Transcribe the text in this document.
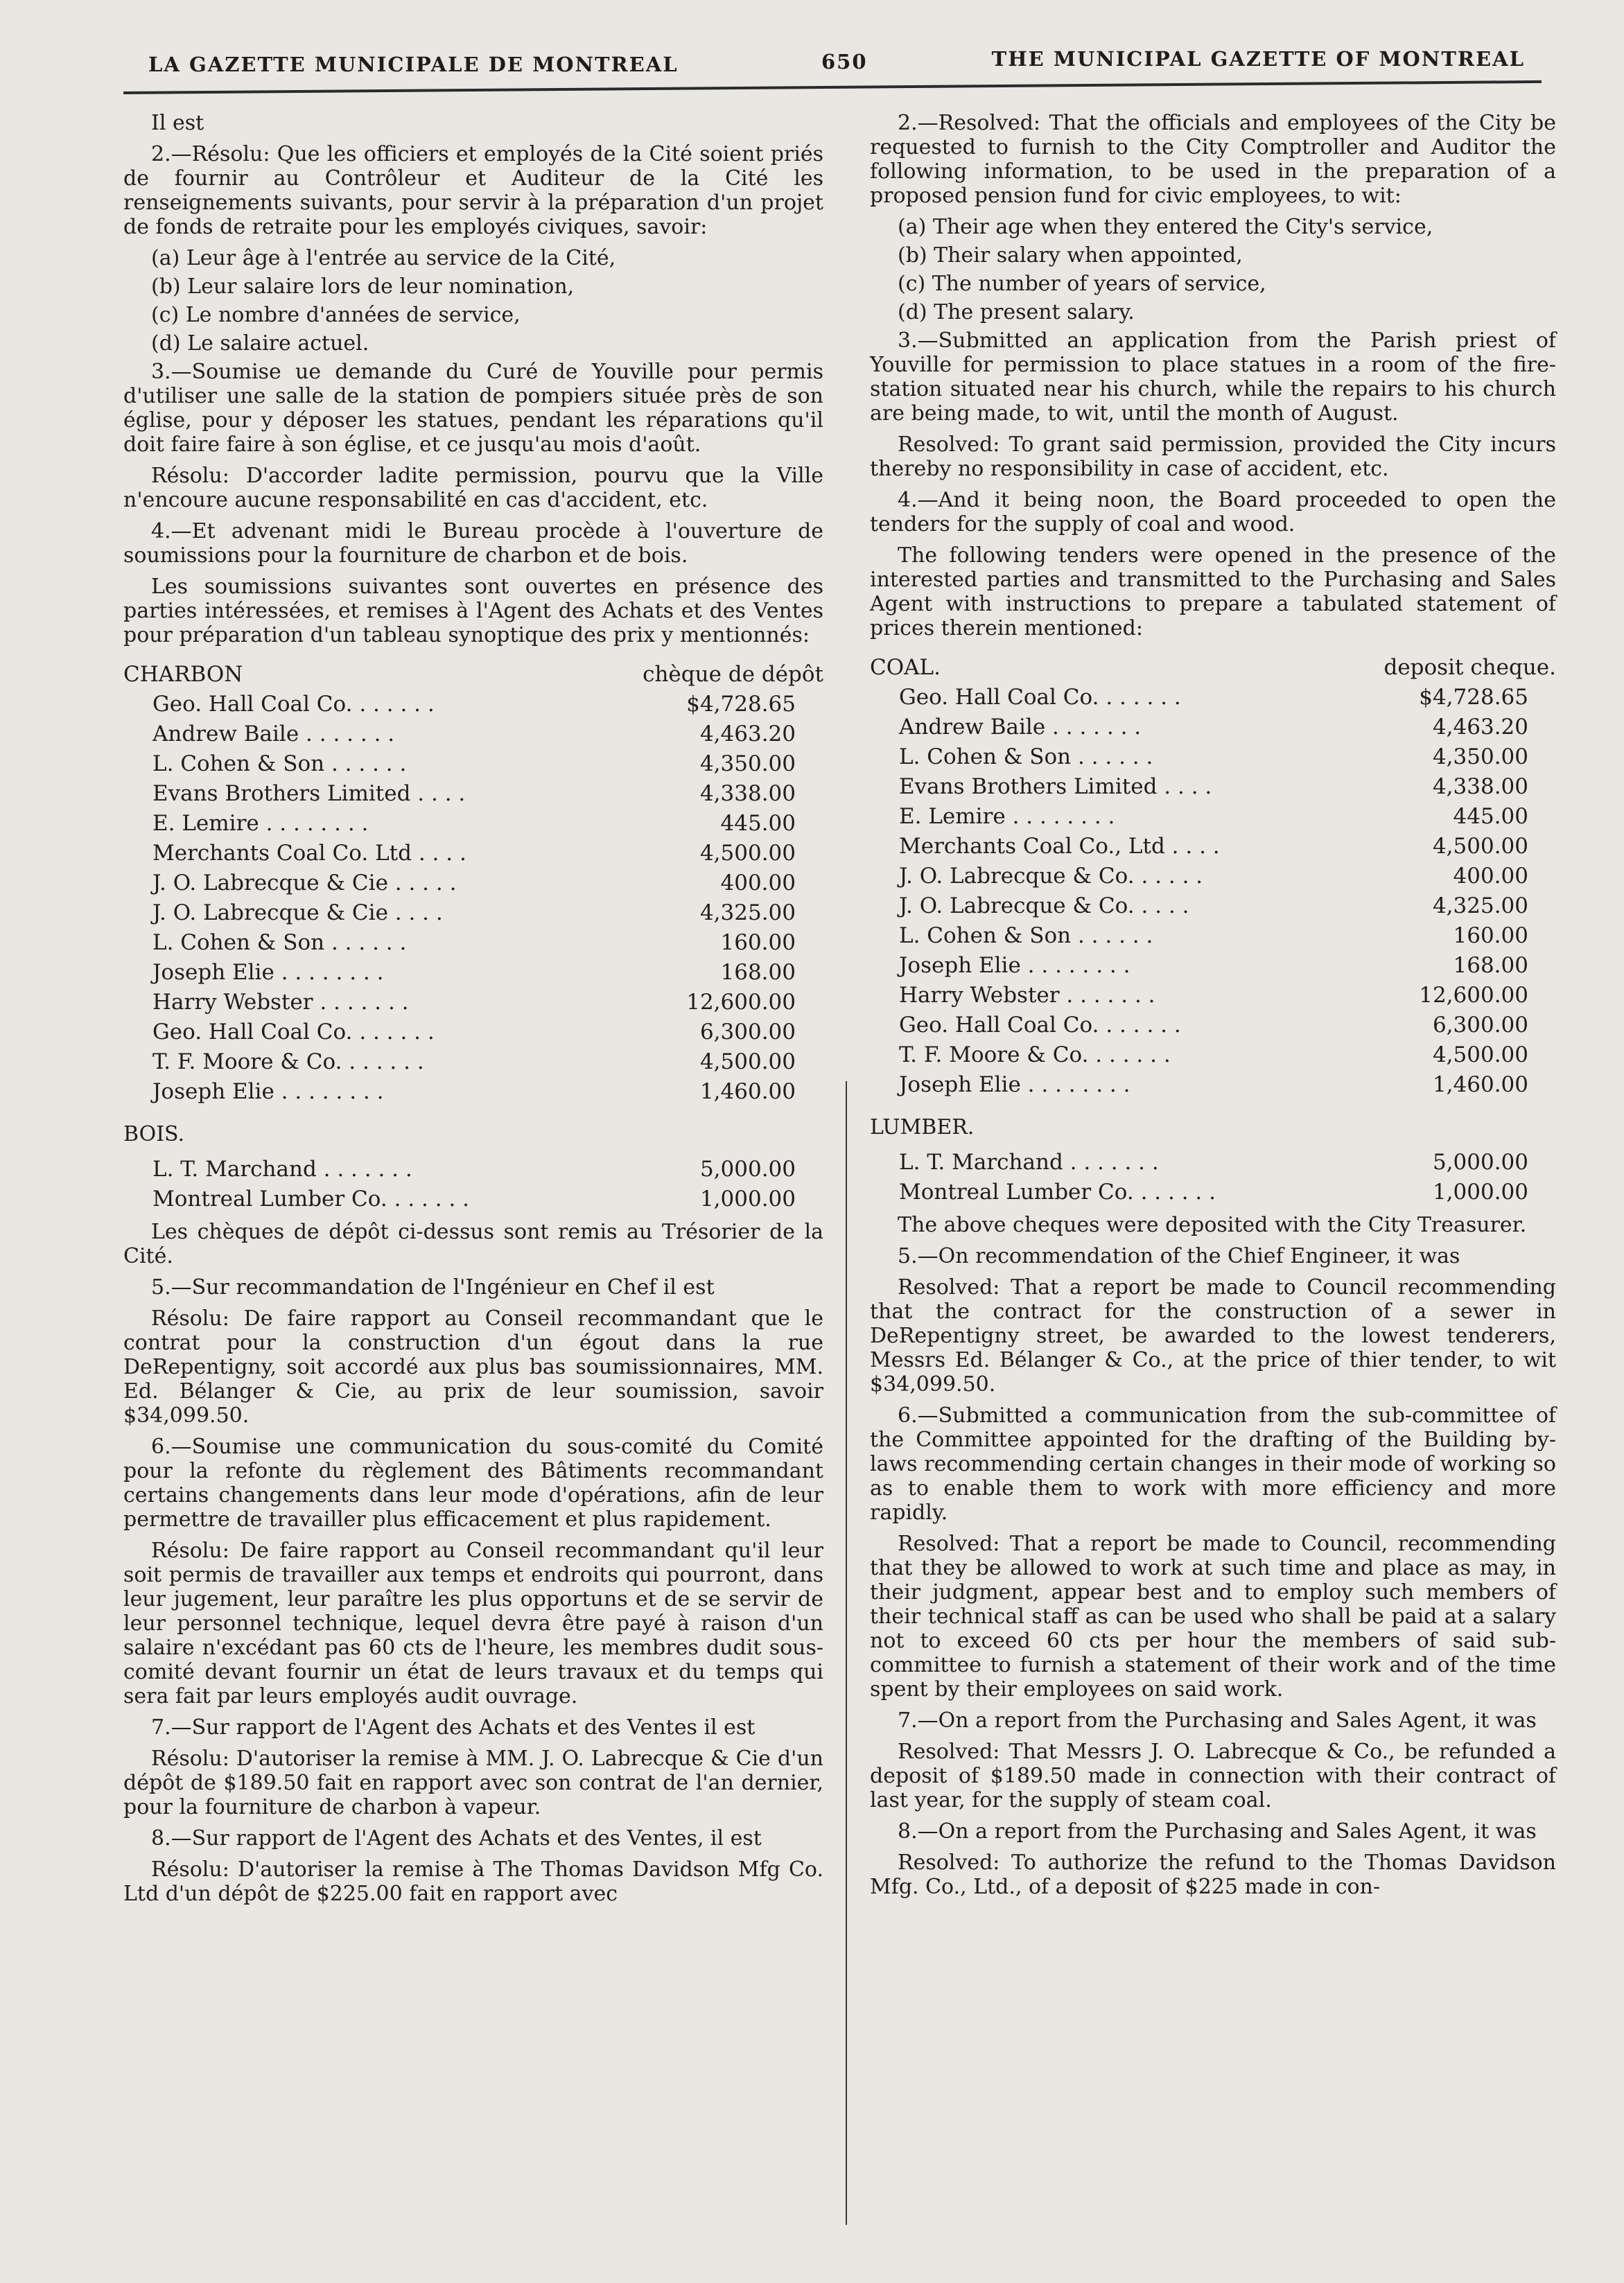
LA GAZETTE MUNICIPALE DE MONTREAL	650	THE MUNICIPAL GAZETTE OF MONTREAL

Il est

2.—Résolu: Que les officiers et employés de la Cité soient priés de fournir au Contrôleur et Auditeur de la Cité les renseignements suivants, pour servir à la préparation d'un projet de fonds de retraite pour les employés civiques, savoir:

(a) Leur âge à l'entrée au service de la Cité,
(b) Leur salaire lors de leur nomination,
(c) Le nombre d'années de service,
(d) Le salaire actuel.

3.—Soumise ue demande du Curé de Youville pour permis d'utiliser une salle de la station de pompiers située près de son église, pour y déposer les statues, pendant les réparations qu'il doit faire faire à son église, et ce jusqu'au mois d'août.

Résolu: D'accorder ladite permission, pourvu que la Ville n'encoure aucune responsabilité en cas d'accident, etc.

4.—Et advenant midi le Bureau procède à l'ouverture de soumissions pour la fourniture de charbon et de bois.

Les soumissions suivantes sont ouvertes en présence des parties intéressées, et remises à l'Agent des Achats et des Ventes pour préparation d'un tableau synoptique des prix y mentionnés:

CHARBON	chèque de dépôt
Geo. Hall Coal Co. . . . . . .	$4,728.65
Andrew Baile . . . . . . .	4,463.20
L. Cohen & Son . . . . . .	4,350.00
Evans Brothers Limited . . . .	4,338.00
E. Lemire . . . . . . . .	445.00
Merchants Coal Co. Ltd . . . .	4,500.00
J. O. Labrecque & Cie . . . . .	400.00
J. O. Labrecque & Cie . . . .	4,325.00
L. Cohen & Son . . . . . .	160.00
Joseph Elie . . . . . . . .	168.00
Harry Webster . . . . . . .	12,600.00
Geo. Hall Coal Co. . . . . . .	6,300.00
T. F. Moore & Co. . . . . . .	4,500.00
Joseph Elie . . . . . . . .	1,460.00
BOIS.
L. T. Marchand . . . . . . .	5,000.00
Montreal Lumber Co. . . . . . .	1,000.00

Les chèques de dépôt ci-dessus sont remis au Trésorier de la Cité.

5.—Sur recommandation de l'Ingénieur en Chef il est

Résolu: De faire rapport au Conseil recommandant que le contrat pour la construction d'un égout dans la rue DeRepentigny, soit accordé aux plus bas soumissionnaires, MM. Ed. Bélanger & Cie, au prix de leur soumission, savoir $34,099.50.

6.—Soumise une communication du sous-comité du Comité pour la refonte du règlement des Bâtiments recommandant certains changements dans leur mode d'opérations, afin de leur permettre de travailler plus efficacement et plus rapidement.

Résolu: De faire rapport au Conseil recommandant qu'il leur soit permis de travailler aux temps et endroits qui pourront, dans leur jugement, leur paraître les plus opportuns et de se servir de leur personnel technique, lequel devra être payé à raison d'un salaire n'excédant pas 60 cts de l'heure, les membres dudit sous-comité devant fournir un état de leurs travaux et du temps qui sera fait par leurs employés audit ouvrage.

7.—Sur rapport de l'Agent des Achats et des Ventes il est

Résolu: D'autoriser la remise à MM. J. O. Labrecque & Cie d'un dépôt de $189.50 fait en rapport avec son contrat de l'an dernier, pour la fourniture de charbon à vapeur.

8.—Sur rapport de l'Agent des Achats et des Ventes, il est

Résolu: D'autoriser la remise à The Thomas Davidson Mfg Co. Ltd d'un dépôt de $225.00 fait en rapport avec

2.—Resolved: That the officials and employees of the City be requested to furnish to the City Comptroller and Auditor the following information, to be used in the preparation of a proposed pension fund for civic employees, to wit:

(a) Their age when they entered the City's service,
(b) Their salary when appointed,
(c) The number of years of service,
(d) The present salary.

3.—Submitted an application from the Parish priest of Youville for permission to place statues in a room of the fire-station situated near his church, while the repairs to his church are being made, to wit, until the month of August.

Resolved: To grant said permission, provided the City incurs thereby no responsibility in case of accident, etc.

4.—And it being noon, the Board proceeded to open the tenders for the supply of coal and wood.

The following tenders were opened in the presence of the interested parties and transmitted to the Purchasing and Sales Agent with instructions to prepare a tabulated statement of prices therein mentioned:

COAL.	deposit cheque.
Geo. Hall Coal Co. . . . . . .	$4,728.65
Andrew Baile . . . . . . .	4,463.20
L. Cohen & Son . . . . . .	4,350.00
Evans Brothers Limited . . . .	4,338.00
E. Lemire . . . . . . . .	445.00
Merchants Coal Co., Ltd . . . .	4,500.00
J. O. Labrecque & Co. . . . . .	400.00
J. O. Labrecque & Co. . . . .	4,325.00
L. Cohen & Son . . . . . .	160.00
Joseph Elie . . . . . . . .	168.00
Harry Webster . . . . . . .	12,600.00
Geo. Hall Coal Co. . . . . . .	6,300.00
T. F. Moore & Co. . . . . . .	4,500.00
Joseph Elie . . . . . . . .	1,460.00
LUMBER.
L. T. Marchand . . . . . . .	5,000.00
Montreal Lumber Co. . . . . . .	1,000.00

The above cheques were deposited with the City Treasurer.

5.—On recommendation of the Chief Engineer, it was

Resolved: That a report be made to Council recommending that the contract for the construction of a sewer in DeRepentigny street, be awarded to the lowest tenderers, Messrs Ed. Bélanger & Co., at the price of thier tender, to wit $34,099.50.

6.—Submitted a communication from the sub-committee of the Committee appointed for the drafting of the Building by-laws recommending certain changes in their mode of working so as to enable them to work with more efficiency and more rapidly.

Resolved: That a report be made to Council, recommending that they be allowed to work at such time and place as may, in their judgment, appear best and to employ such members of their technical staff as can be used who shall be paid at a salary not to exceed 60 cts per hour the members of said sub-committee to furnish a statement of their work and of the time spent by their employees on said work.

7.—On a report from the Purchasing and Sales Agent, it was

Resolved: That Messrs J. O. Labrecque & Co., be refunded a deposit of $189.50 made in connection with their contract of last year, for the supply of steam coal.

8.—On a report from the Purchasing and Sales Agent, it was

Resolved: To authorize the refund to the Thomas Davidson Mfg. Co., Ltd., of a deposit of $225 made in con-
